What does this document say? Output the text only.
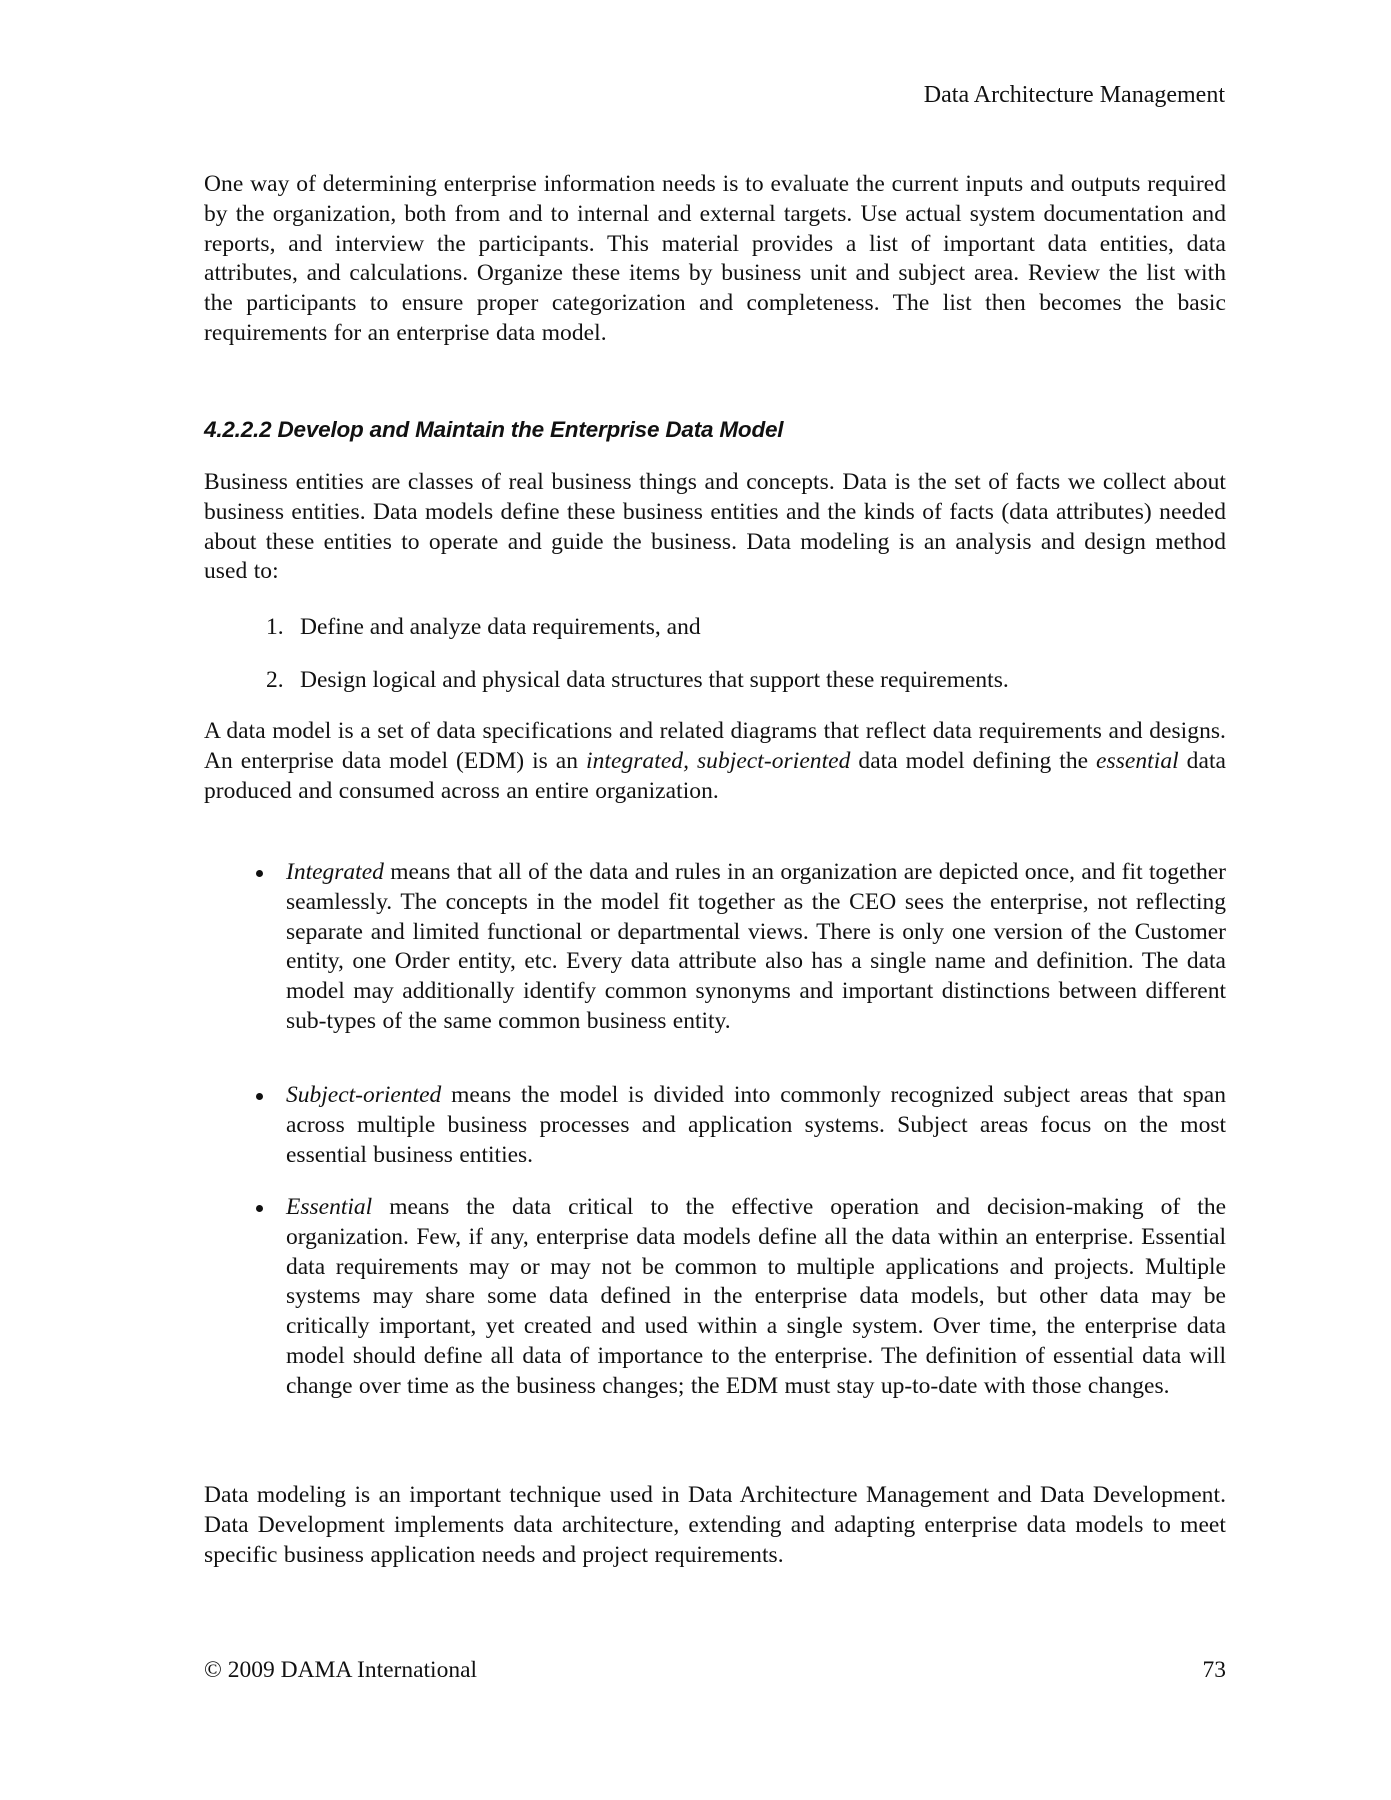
Data Architecture Management

One way of determining enterprise information needs is to evaluate the current inputs and outputs required by the organization, both from and to internal and external targets. Use actual system documentation and reports, and interview the participants. This material provides a list of important data entities, data attributes, and calculations. Organize these items by business unit and subject area. Review the list with the participants to ensure proper categorization and completeness. The list then becomes the basic requirements for an enterprise data model.

4.2.2.2 Develop and Maintain the Enterprise Data Model

Business entities are classes of real business things and concepts. Data is the set of facts we collect about business entities. Data models define these business entities and the kinds of facts (data attributes) needed about these entities to operate and guide the business. Data modeling is an analysis and design method used to:

1. Define and analyze data requirements, and
2. Design logical and physical data structures that support these requirements.

A data model is a set of data specifications and related diagrams that reflect data requirements and designs. An enterprise data model (EDM) is an integrated, subject-oriented data model defining the essential data produced and consumed across an entire organization.

Integrated means that all of the data and rules in an organization are depicted once, and fit together seamlessly. The concepts in the model fit together as the CEO sees the enterprise, not reflecting separate and limited functional or departmental views. There is only one version of the Customer entity, one Order entity, etc. Every data attribute also has a single name and definition. The data model may additionally identify common synonyms and important distinctions between different sub-types of the same common business entity.
Subject-oriented means the model is divided into commonly recognized subject areas that span across multiple business processes and application systems. Subject areas focus on the most essential business entities.
Essential means the data critical to the effective operation and decision-making of the organization. Few, if any, enterprise data models define all the data within an enterprise. Essential data requirements may or may not be common to multiple applications and projects. Multiple systems may share some data defined in the enterprise data models, but other data may be critically important, yet created and used within a single system. Over time, the enterprise data model should define all data of importance to the enterprise. The definition of essential data will change over time as the business changes; the EDM must stay up-to-date with those changes.

Data modeling is an important technique used in Data Architecture Management and Data Development. Data Development implements data architecture, extending and adapting enterprise data models to meet specific business application needs and project requirements.

© 2009 DAMA International	73
